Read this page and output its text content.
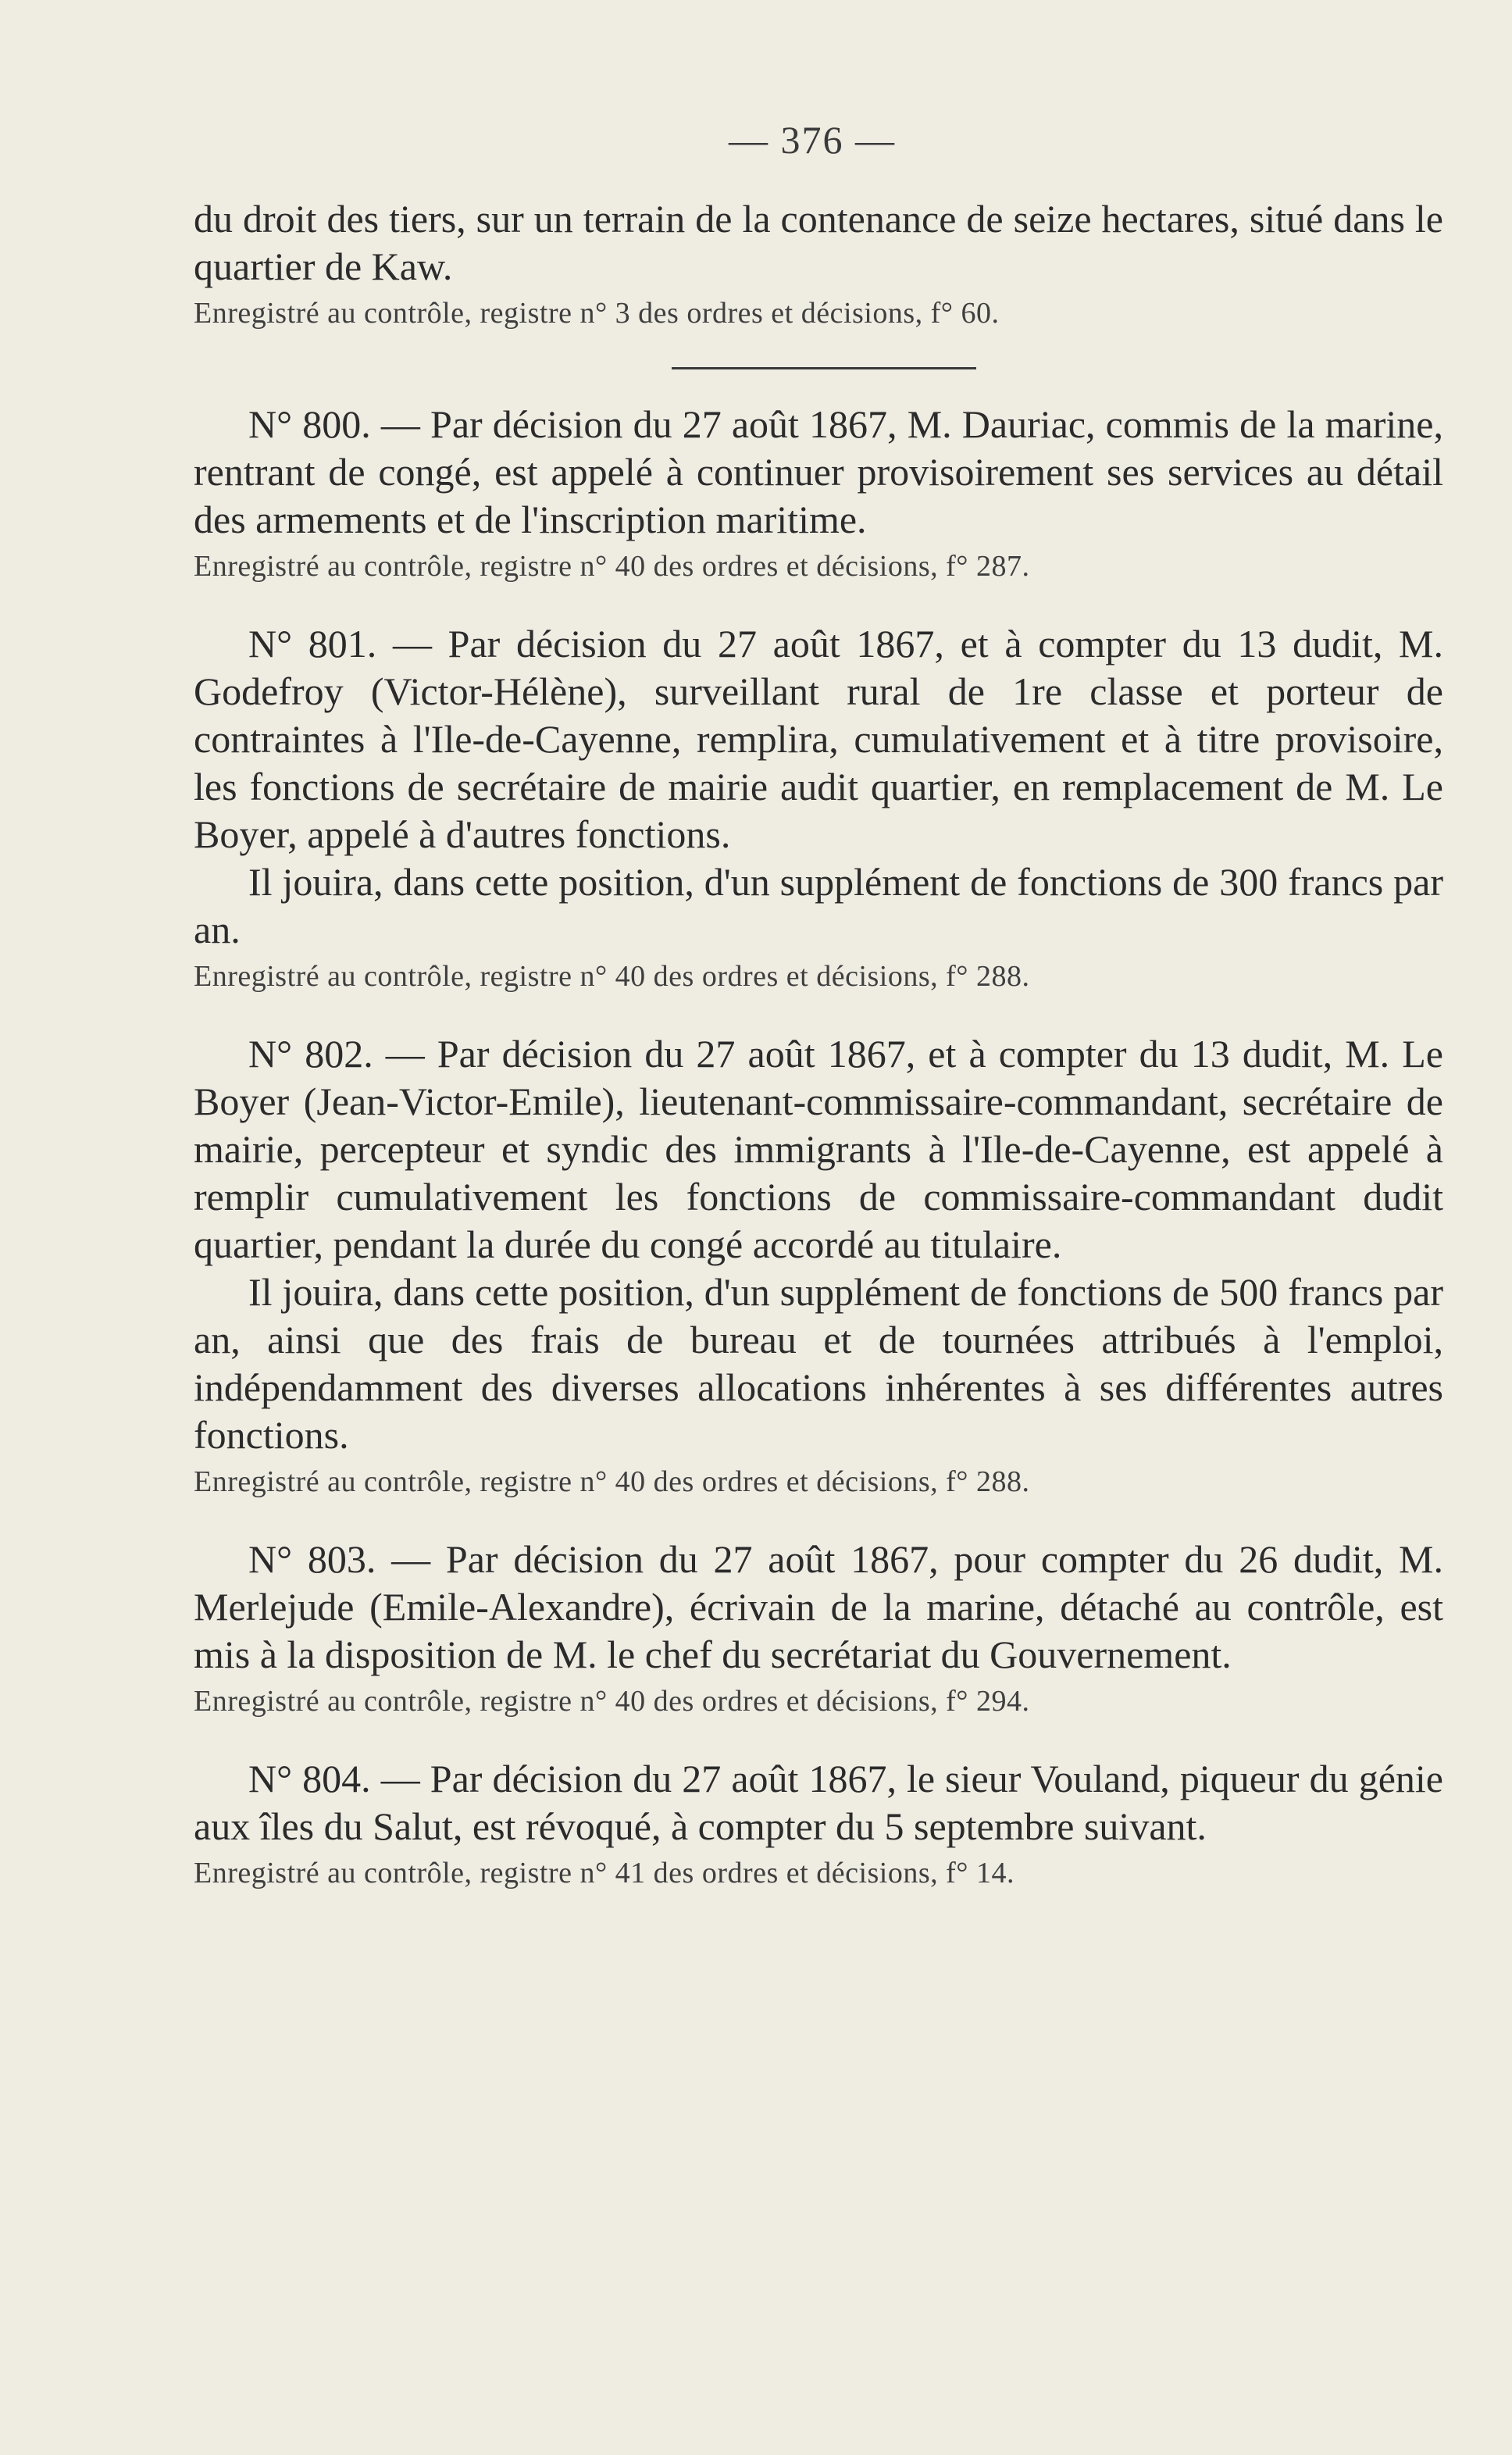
— 376 —

du droit des tiers, sur un terrain de la contenance de seize hectares, situé dans le quartier de Kaw.

Enregistré au contrôle, registre n° 3 des ordres et décisions, f° 60.

N° 800. — Par décision du 27 août 1867, M. Dauriac, commis de la marine, rentrant de congé, est appelé à continuer provisoirement ses services au détail des armements et de l'inscription maritime.

Enregistré au contrôle, registre n° 40 des ordres et décisions, f° 287.

N° 801. — Par décision du 27 août 1867, et à compter du 13 dudit, M. Godefroy (Victor-Hélène), surveillant rural de 1re classe et porteur de contraintes à l'Ile-de-Cayenne, remplira, cumulativement et à titre provisoire, les fonctions de secrétaire de mairie audit quartier, en remplacement de M. Le Boyer, appelé à d'autres fonctions.

Il jouira, dans cette position, d'un supplément de fonctions de 300 francs par an.

Enregistré au contrôle, registre n° 40 des ordres et décisions, f° 288.

N° 802. — Par décision du 27 août 1867, et à compter du 13 dudit, M. Le Boyer (Jean-Victor-Emile), lieutenant-commissaire-commandant, secrétaire de mairie, percepteur et syndic des immigrants à l'Ile-de-Cayenne, est appelé à remplir cumulativement les fonctions de commissaire-commandant dudit quartier, pendant la durée du congé accordé au titulaire.

Il jouira, dans cette position, d'un supplément de fonctions de 500 francs par an, ainsi que des frais de bureau et de tournées attribués à l'emploi, indépendamment des diverses allocations inhérentes à ses différentes autres fonctions.

Enregistré au contrôle, registre n° 40 des ordres et décisions, f° 288.

N° 803. — Par décision du 27 août 1867, pour compter du 26 dudit, M. Merlejude (Emile-Alexandre), écrivain de la marine, détaché au contrôle, est mis à la disposition de M. le chef du secrétariat du Gouvernement.

Enregistré au contrôle, registre n° 40 des ordres et décisions, f° 294.

N° 804. — Par décision du 27 août 1867, le sieur Vouland, piqueur du génie aux îles du Salut, est révoqué, à compter du 5 septembre suivant.

Enregistré au contrôle, registre n° 41 des ordres et décisions, f° 14.
